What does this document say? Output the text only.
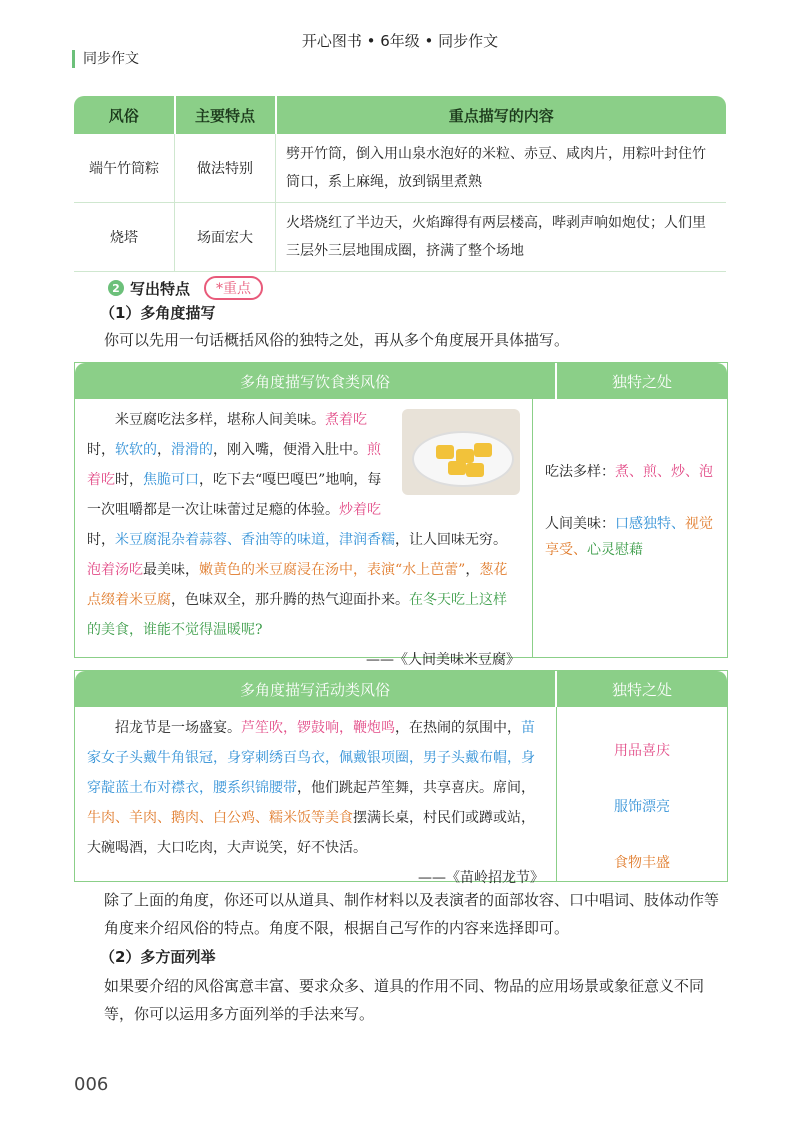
开心图书 • 6年级 • 同步作文
同步作文
风俗	主要特点	重点描写的内容
端午竹筒粽	做法特别	劈开竹筒，倒入用山泉水泡好的米粒、赤豆、咸肉片，用粽叶封住竹筒口，系上麻绳，放到锅里煮熟
烧塔	场面宏大	火塔烧红了半边天，火焰蹿得有两层楼高，哔剥声响如炮仗；人们里三层外三层地围成圈，挤满了整个场地
2 写出特点	*重点
（1）多角度描写
你可以先用一句话概括风俗的独特之处，再从多个角度展开具体描写。
多角度描写饮食类风俗	独特之处
米豆腐吃法多样，堪称人间美味。煮着吃时，软软的，滑滑的，刚入嘴，便滑入肚中。煎着吃时，焦脆可口，吃下去“嘎巴嘎巴”地响，每一次咀嚼都是一次让味蕾过足瘾的体验。炒着吃时，米豆腐混杂着蒜蓉、香油等的味道，津润香糯，让人回味无穷。泡着汤吃最美味，嫩黄色的米豆腐浸在汤中，表演“水上芭蕾”，葱花点缀着米豆腐，色味双全，那升腾的热气迎面扑来。在冬天吃上这样的美食，谁能不觉得温暖呢?
——《人间美味米豆腐》
吃法多样：煮、煎、炒、泡
人间美味：口感独特、视觉享受、心灵慰藉
多角度描写活动类风俗	独特之处
招龙节是一场盛宴。芦笙吹，锣鼓响，鞭炮鸣，在热闹的氛围中，苗家女子头戴牛角银冠，身穿刺绣百鸟衣，佩戴银项圈，男子头戴布帽，身穿靛蓝土布对襟衣，腰系织锦腰带，他们跳起芦笙舞，共享喜庆。席间，牛肉、羊肉、鹅肉、白公鸡、糯米饭等美食摆满长桌，村民们或蹲或站，大碗喝酒，大口吃肉，大声说笑，好不快活。
——《苗岭招龙节》
用品喜庆
服饰漂亮
食物丰盛
除了上面的角度，你还可以从道具、制作材料以及表演者的面部妆容、口中唱词、肢体动作等角度来介绍风俗的特点。角度不限，根据自己写作的内容来选择即可。
（2）多方面列举
如果要介绍的风俗寓意丰富、要求众多、道具的作用不同、物品的应用场景或象征意义不同等，你可以运用多方面列举的手法来写。
006
